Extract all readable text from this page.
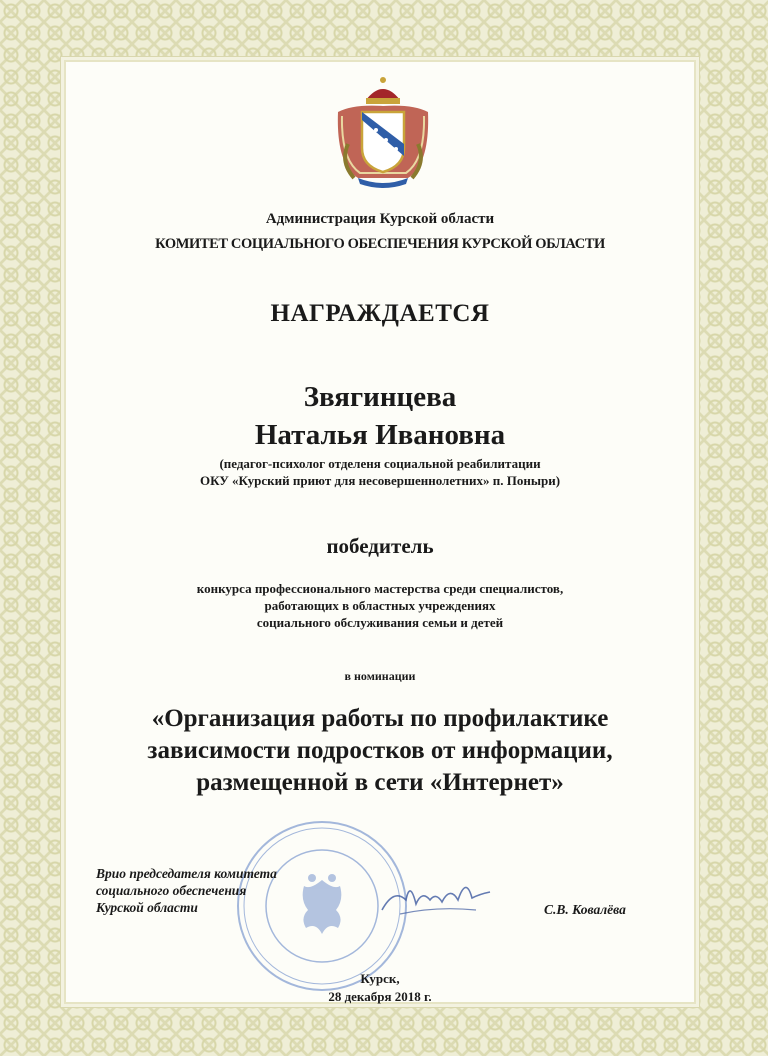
Администрация Курской области
КОМИТЕТ СОЦИАЛЬНОГО ОБЕСПЕЧЕНИЯ КУРСКОЙ ОБЛАСТИ
НАГРАЖДАЕТСЯ
Звягинцева
Наталья Ивановна
(педагог-психолог отделеня социальной реабилитации
ОКУ «Курский приют для несовершеннолетних» п. Поныри)
победитель
конкурса профессионального мастерства среди специалистов,
работающих в областных учреждениях
социального обслуживания семьи и детей
в номинации
«Организация работы по профилактике
зависимости подростков от информации,
размещенной в сети «Интернет»
Врио председателя комитета
социального обеспечения
Курской области	С.В. Ковалёва
Курск,
28 декабря 2018 г.
